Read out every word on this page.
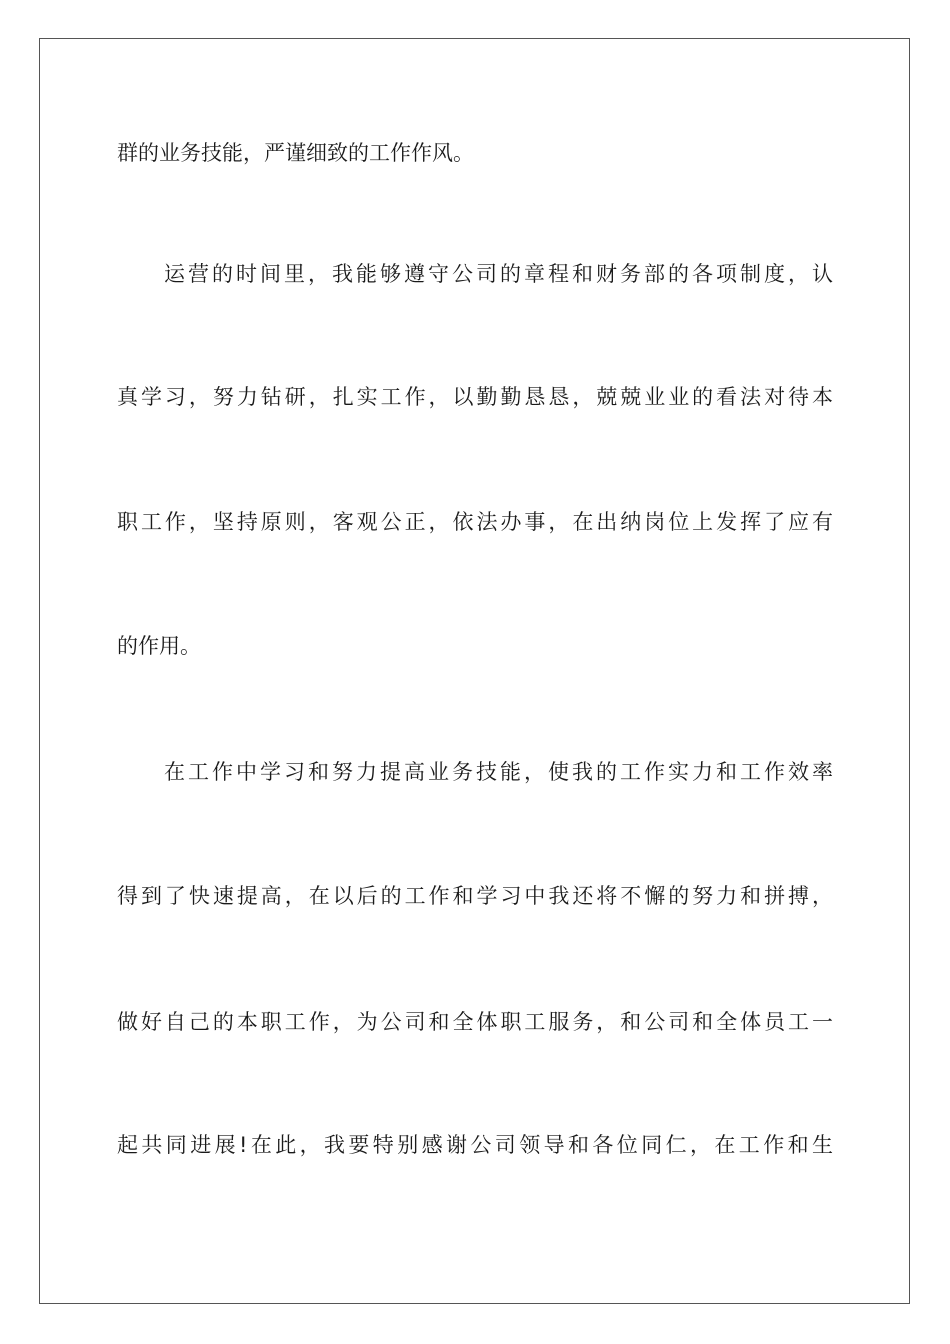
群的业务技能，严谨细致的工作作风。
运营的时间里，我能够遵守公司的章程和财务部的各项制度，认
真学习，努力钻研，扎实工作，以勤勤恳恳，兢兢业业的看法对待本
职工作，坚持原则，客观公正，依法办事，在出纳岗位上发挥了应有
的作用。
在工作中学习和努力提高业务技能，使我的工作实力和工作效率
得到了快速提高，在以后的工作和学习中我还将不懈的努力和拼搏，
做好自己的本职工作，为公司和全体职工服务，和公司和全体员工一
起共同进展!在此，我要特别感谢公司领导和各位同仁，在工作和生
